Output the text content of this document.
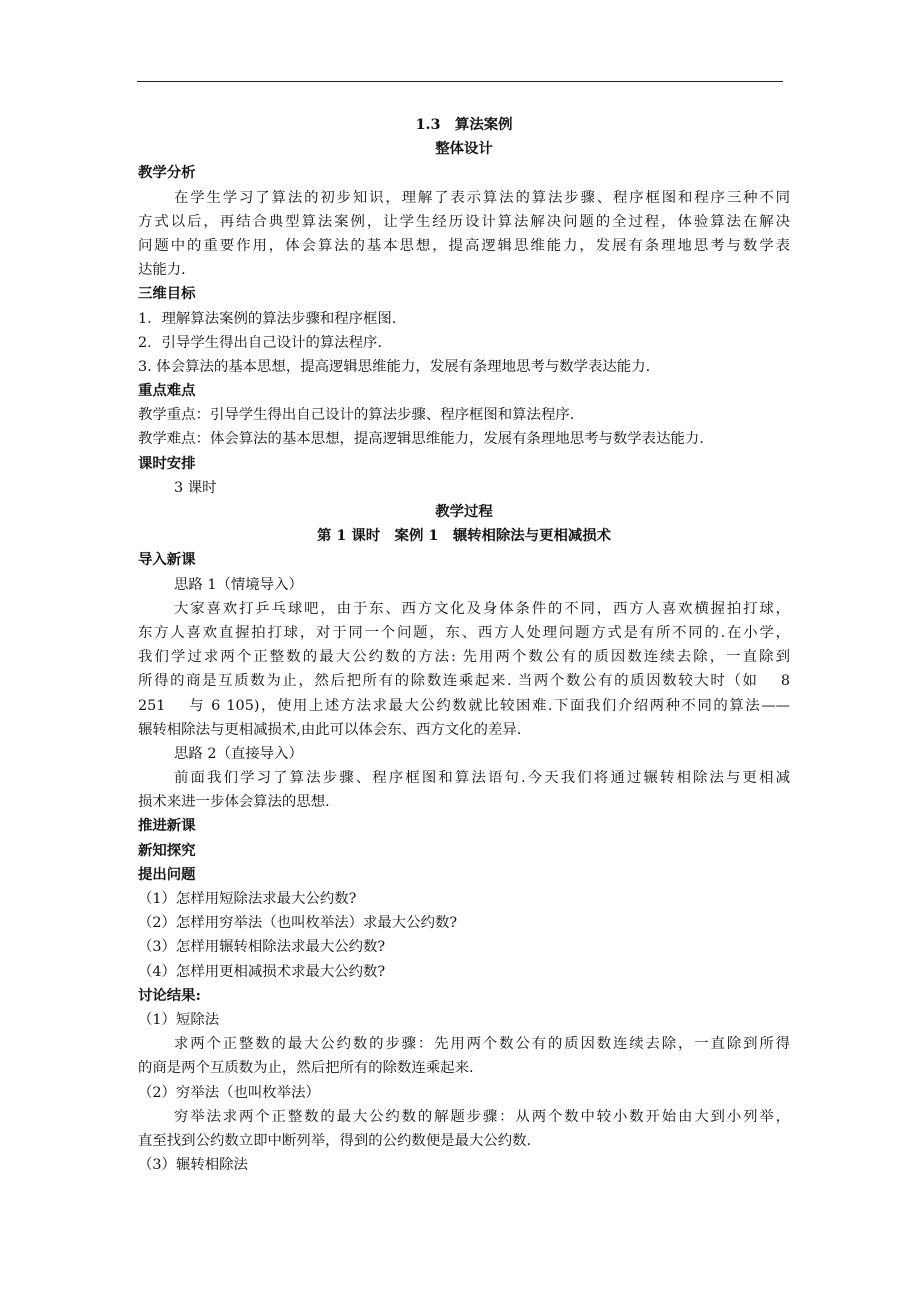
1.3　算法案例
整体设计
教学分析
在学生学习了算法的初步知识，理解了表示算法的算法步骤、程序框图和程序三种不同
方式以后，再结合典型算法案例，让学生经历设计算法解决问题的全过程，体验算法在解决
问题中的重要作用，体会算法的基本思想，提高逻辑思维能力，发展有条理地思考与数学表
达能力.
三维目标
1．理解算法案例的算法步骤和程序框图.
2．引导学生得出自己设计的算法程序.
3. 体会算法的基本思想，提高逻辑思维能力，发展有条理地思考与数学表达能力.
重点难点
教学重点：引导学生得出自己设计的算法步骤、程序框图和算法程序.
教学难点：体会算法的基本思想，提高逻辑思维能力，发展有条理地思考与数学表达能力.
课时安排
3 课时
教学过程
第 1 课时　案例 1　辗转相除法与更相减损术
导入新课
思路 1（情境导入）
大家喜欢打乒乓球吧，由于东、西方文化及身体条件的不同，西方人喜欢横握拍打球，
东方人喜欢直握拍打球，对于同一个问题，东、西方人处理问题方式是有所不同的.在小学，
我们学过求两个正整数的最大公约数的方法: 先用两个数公有的质因数连续去除，一直除到
所得的商是互质数为止，然后把所有的除数连乘起来. 当两个数公有的质因数较大时（如　 8
251　 与 6 105)，使用上述方法求最大公约数就比较困难.下面我们介绍两种不同的算法——
辗转相除法与更相减损术,由此可以体会东、西方文化的差异.
思路 2（直接导入）
前面我们学习了算法步骤、程序框图和算法语句.今天我们将通过辗转相除法与更相减
损术来进一步体会算法的思想.
推进新课
新知探究
提出问题
（1）怎样用短除法求最大公约数?
（2）怎样用穷举法（也叫枚举法）求最大公约数?
（3）怎样用辗转相除法求最大公约数?
（4）怎样用更相减损术求最大公约数?
讨论结果:
（1）短除法
求两个正整数的最大公约数的步骤：先用两个数公有的质因数连续去除，一直除到所得
的商是两个互质数为止，然后把所有的除数连乘起来.
（2）穷举法（也叫枚举法）
穷举法求两个正整数的最大公约数的解题步骤：从两个数中较小数开始由大到小列举，
直至找到公约数立即中断列举，得到的公约数便是最大公约数.
（3）辗转相除法
